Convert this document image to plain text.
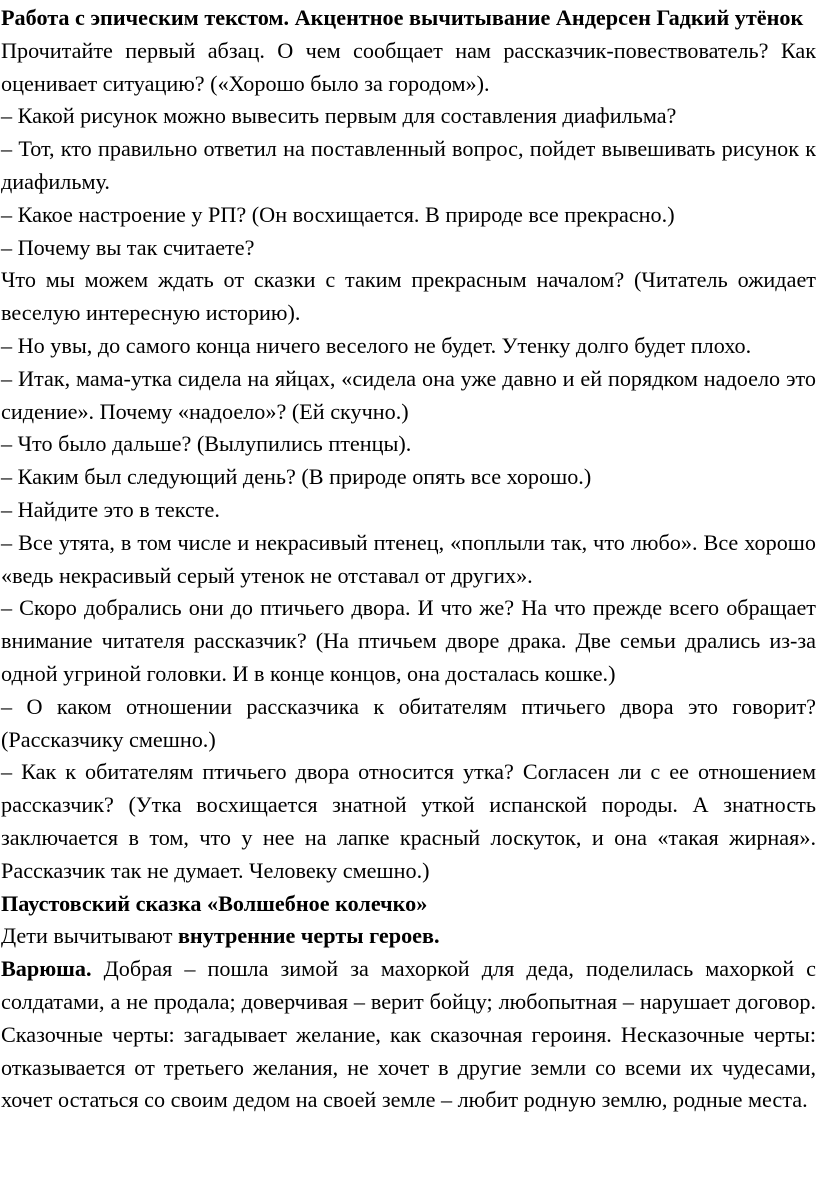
Работа с эпическим текстом. Акцентное вычитывание Андерсен Гадкий утёнок

Прочитайте первый абзац. О чем сообщает нам рассказчик-повествователь? Как оценивает ситуацию? («Хорошо было за городом»).

– Какой рисунок можно вывесить первым для составления диафильма?

– Тот, кто правильно ответил на поставленный вопрос, пойдет вывешивать рисунок к диафильму.

– Какое настроение у РП? (Он восхищается. В природе все прекрасно.)

– Почему вы так считаете?

Что мы можем ждать от сказки с таким прекрасным началом? (Читатель ожидает веселую интересную историю).

– Но увы, до самого конца ничего веселого не будет. Утенку долго будет плохо.

– Итак, мама-утка сидела на яйцах, «сидела она уже давно и ей порядком надоело это сидение». Почему «надоело»? (Ей скучно.)

– Что было дальше? (Вылупились птенцы).

– Каким был следующий день? (В природе опять все хорошо.)

– Найдите это в тексте.

– Все утята, в том числе и некрасивый птенец, «поплыли так, что любо». Все хорошо «ведь некрасивый серый утенок не отставал от других».

– Скоро добрались они до птичьего двора. И что же? На что прежде всего обращает внимание читателя рассказчик? (На птичьем дворе драка. Две семьи дрались из-за одной угриной головки. И в конце концов, она досталась кошке.)

– О каком отношении рассказчика к обитателям птичьего двора это говорит? (Рассказчику смешно.)

– Как к обитателям птичьего двора относится утка? Согласен ли с ее отношением рассказчик? (Утка восхищается знатной уткой испанской породы. А знатность заключается в том, что у нее на лапке красный лоскуток, и она «такая жирная». Рассказчик так не думает. Человеку смешно.)

Паустовский сказка «Волшебное колечко»

Дети вычитывают внутренние черты героев.

Варюша. Добрая – пошла зимой за махоркой для деда, поделилась махоркой с солдатами, а не продала; доверчивая – верит бойцу; любопытная – нарушает договор. Сказочные черты: загадывает желание, как сказочная героиня. Несказочные черты: отказывается от третьего желания, не хочет в другие земли со всеми их чудесами, хочет остаться со своим дедом на своей земле – любит родную землю, родные места.
